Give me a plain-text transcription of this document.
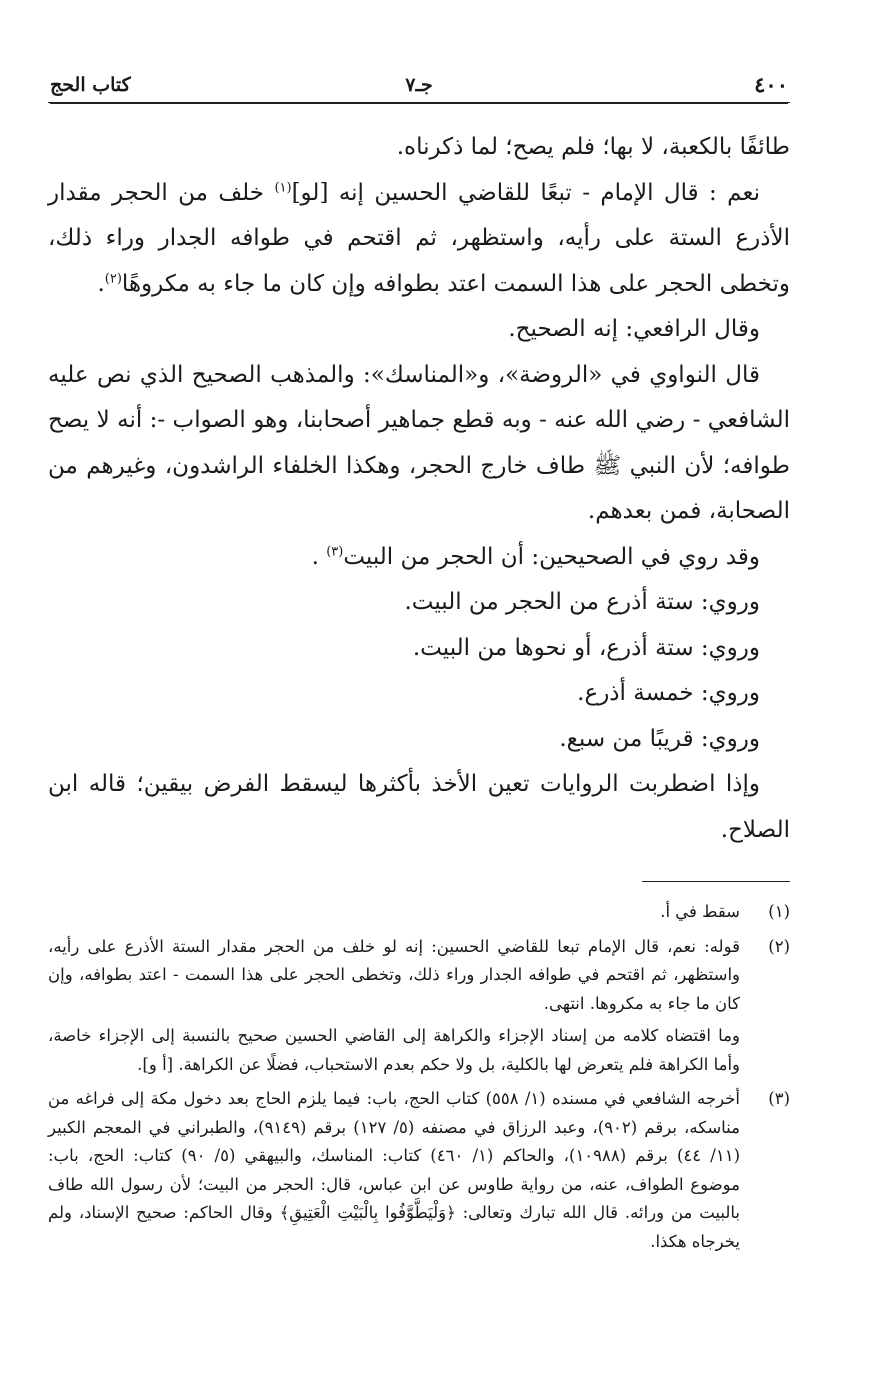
٤٠٠
جـ٧
كتاب الحج

طائفًا بالكعبة، لا بها؛ فلم يصح؛ لما ذكرناه.

نعم : قال الإمام - تبعًا للقاضي الحسين إنه [لو]$^{(١)}$ خلف من الحجر مقدار الأذرع الستة على رأيه، واستظهر، ثم اقتحم في طوافه الجدار وراء ذلك، وتخطى الحجر على هذا السمت اعتد بطوافه وإن كان ما جاء به مكروهًا$^{(٢)}$.

وقال الرافعي: إنه الصحيح.

قال النواوي في «الروضة»، و«المناسك»: والمذهب الصحيح الذي نص عليه الشافعي - رضي الله عنه - وبه قطع جماهير أصحابنا، وهو الصواب -: أنه لا يصح طوافه؛ لأن النبي ﷺ طاف خارج الحجر، وهكذا الخلفاء الراشدون، وغيرهم من الصحابة، فمن بعدهم.

وقد روي في الصحيحين: أن الحجر من البيت$^{(٣)}$ .

وروي: ستة أذرع من الحجر من البيت.

وروي: ستة أذرع، أو نحوها من البيت.

وروي: خمسة أذرع.

وروي: قريبًا من سبع.

وإذا اضطربت الروايات تعين الأخذ بأكثرها ليسقط الفرض بيقين؛ قاله ابن الصلاح.

(١)
سقط في أ.
(٢)
قوله: نعم، قال الإمام تبعا للقاضي الحسين: إنه لو خلف من الحجر مقدار الستة الأذرع على رأيه، واستظهر، ثم اقتحم في طوافه الجدار وراء ذلك، وتخطى الحجر على هذا السمت - اعتد بطوافه، وإن كان ما جاء به مكروها. انتهى.
وما اقتضاه كلامه من إسناد الإجزاء والكراهة إلى القاضي الحسين صحيح بالنسبة إلى الإجزاء خاصة، وأما الكراهة فلم يتعرض لها بالكلية، بل ولا حكم بعدم الاستحباب، فضلًا عن الكراهة. [أ و].
(٣)
أخرجه الشافعي في مسنده (١/ ٥٥٨) كتاب الحج، باب: فيما يلزم الحاج بعد دخول مكة إلى فراغه من مناسكه، برقم (٩٠٢)، وعبد الرزاق في مصنفه (٥/ ١٢٧) برقم (٩١٤٩)، والطبراني في المعجم الكبير (١١/ ٤٤) برقم (١٠٩٨٨)، والحاكم (١/ ٤٦٠) كتاب: المناسك، والبيهقي (٥/ ٩٠) كتاب: الحج، باب: موضوع الطواف، عنه، من رواية طاوس عن ابن عباس، قال: الحجر من البيت؛ لأن رسول الله طاف بالبيت من ورائه. قال الله تبارك وتعالى: ﴿وَلْيَطَّوَّفُوا بِالْبَيْتِ الْعَتِيقِ﴾ وقال الحاكم: صحيح الإسناد، ولم يخرجاه هكذا.
